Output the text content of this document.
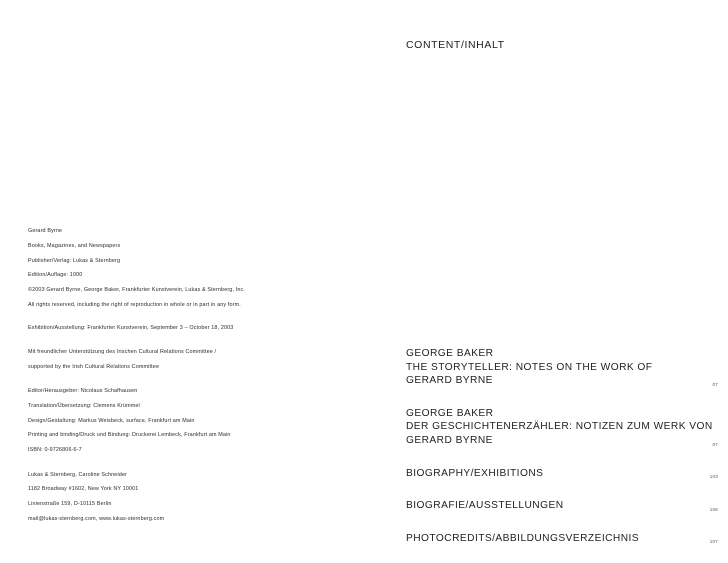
CONTENT/INHALT
Gerard Byrne
Books, Magazines, and Newspapers
Publisher/Verlag: Lukas & Sternberg
Edition/Auflage: 1000
©2003 Gerard Byrne, George Baker, Frankfurter Kunstverein, Lukas & Sternberg, Inc.
All rights reserved, including the right of reproduction in whole or in part in any form.
Exhibition/Ausstellung: Frankfurter Kunstverein, September 3 – October 18, 2003
Mit freundlicher Unterstützung des Irischen Cultural Relations Committee /
supported by the Irish Cultural Relations Committee
Editor/Herausgeber: Nicolaus Schafhausen
Translation/Übersetzung: Clemens Krümmel
Design/Gestaltung: Markus Weisbeck, surface, Frankfurt am Main
Printing and binding/Druck und Bindung: Druckerei Lembeck, Frankfurt am Main
ISBN: 0-9726806-6-7
Lukas & Sternberg, Caroline Schneider
1182 Broadway #1602, New York NY 10001
Linienstraße 159, D-10115 Berlin
mail@lukas-sternberg.com, www.lukas-sternberg.com
GEORGE BAKER
THE STORYTELLER: NOTES ON THE WORK OF
GERARD BYRNE	07
GEORGE BAKER
DER GESCHICHTENERZÄHLER: NOTIZEN ZUM WERK VON
GERARD BYRNE	07
BIOGRAPHY/EXHIBITIONS	103
BIOGRAFIE/AUSSTELLUNGEN	105
PHOTOCREDITS/ABBILDUNGSVERZEICHNIS	107
